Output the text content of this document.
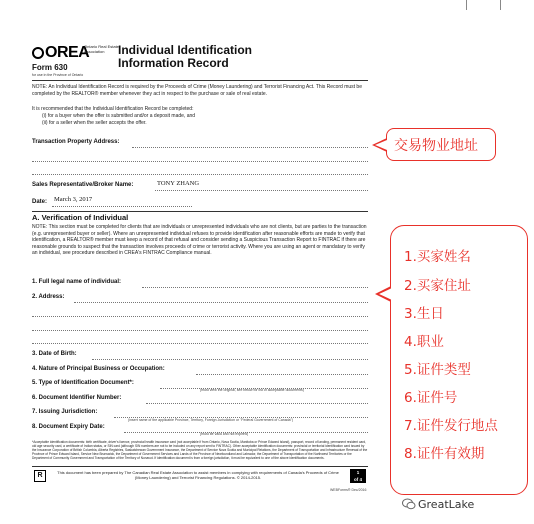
OREA
Ontario Real Estate Association	Individual Identification
Information Record
Form 630
for use in the Province of Ontario
NOTE: An Individual Identification Record is required by the Proceeds of Crime (Money Laundering) and Terrorist Financing Act. This Record must be completed by the REALTOR® member whenever they act in respect to the purchase or sale of real estate.
It is recommended that the Individual Identification Record be completed:
(i) for a buyer when the offer is submitted and/or a deposit made, and
(ii) for a seller when the seller accepts the offer.
Transaction Property Address:
Sales Representative/Broker Name:	TONY ZHANG
Date: March 3, 2017
A. Verification of Individual
NOTE: This section must be completed for clients that are individuals or unrepresented individuals who are not clients, but are parties to the transaction (e.g. unrepresented buyer or seller). Where an unrepresented individual refuses to provide identification after reasonable efforts are made to verify that identification, a REALTOR® member must keep a record of that refusal and consider sending a Suspicious Transaction Report to FINTRAC if there are reasonable grounds to suspect that the transaction involves proceeds of crime or terrorist activity. Where you are using an agent or mandatary to verify an individual, see procedure described in CREA's FINTRAC Compliance manual.
1. Full legal name of individual:
2. Address:
3. Date of Birth:
4. Nature of Principal Business or Occupation:
5. Type of Identification Document*:
(must view the original, see below for list of acceptable documents)
6. Document Identifier Number:
7. Issuing Jurisdiction:
(insert name of the applicable Province, Territory, Foreign Jurisdiction or "Federal Government of Canada")
8. Document Expiry Date:
(must be valid and not expired)
*Acceptable identification documents: birth certificate, driver's licence, provincial health insurance card (not acceptable if from Ontario, Nova Scotia, Manitoba or Prince Edward Island), passport, record of landing, permanent resident card, old age security card, a certificate of Indian status, or SIN card (although SIN numbers are not to be included on any report sent to FINTRAC). Other acceptable identification documents: provincial or territorial identification card issued by the Insurance Corporation of British Columbia, Alberta Registries, Saskatchewan Government Insurance, the Department of Service Nova Scotia and Municipal Relations, the Department of Transportation and Infrastructure Renewal of the Province of Prince Edward Island, Service New Brunswick, the Department of Government Services and Lands of the Province of Newfoundland and Labrador, the Department of Transportation of the Northwest Territories or the Department of Community Government and Transportation of the Territory of Nunavut. If identification document is from a foreign jurisdiction, it must be equivalent to one of the above identification documents.
R	This document has been prepared by The Canadian Real Estate Association to assist members in complying with requirements of Canada's Proceeds of Crime (Money Laundering) and Terrorist Financing Regulations. © 2014-2015.
1
of 4
WEBForms® Dec/2016
交易物业地址
1.买家姓名
2.买家住址
3.生日
4.职业
5.证件类型
6.证件号
7.证件发行地点
8.证件有效期
GreatLake
